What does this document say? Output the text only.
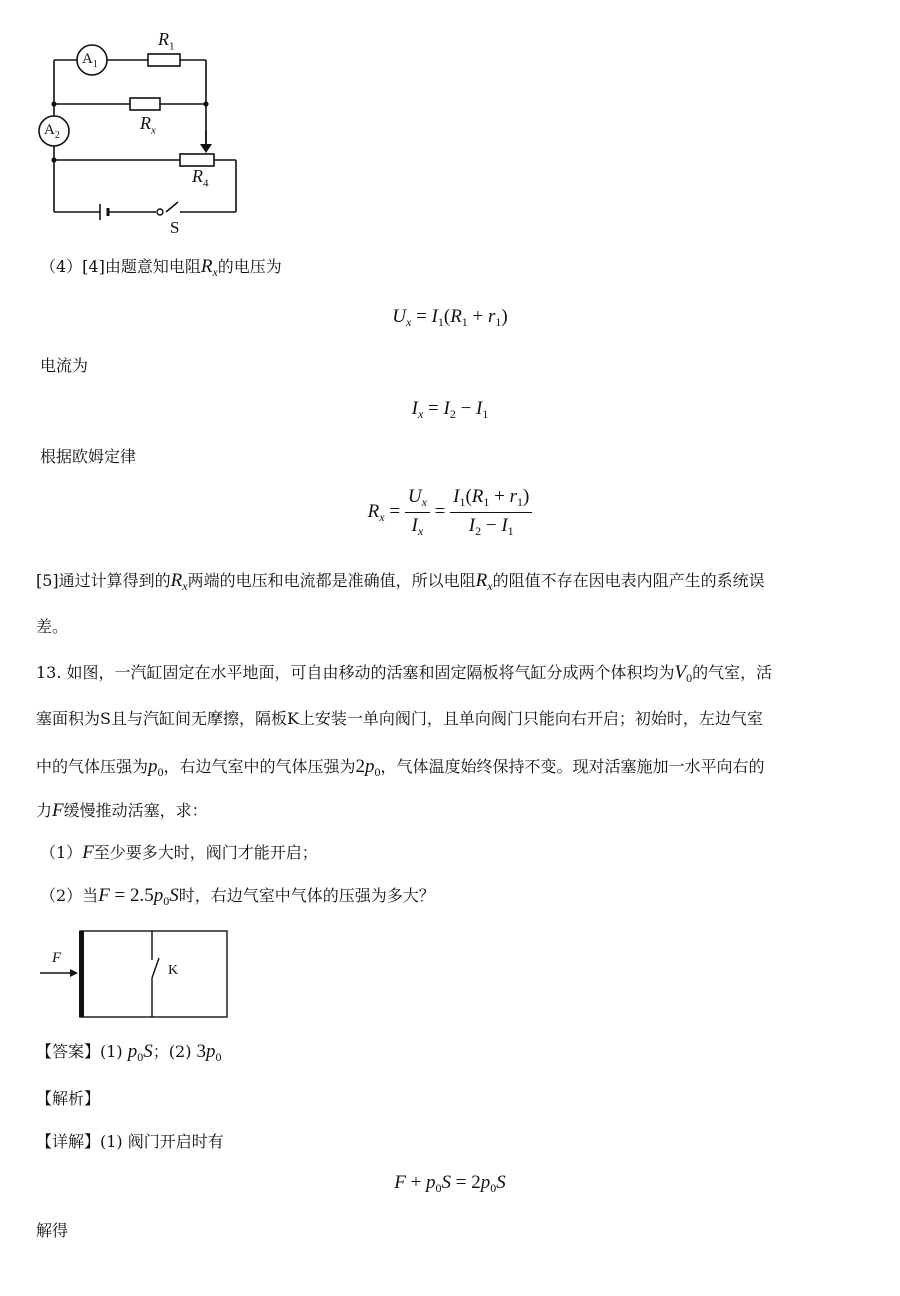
$A_1$
$A_2$
$R_1$
$R_x$
$R_4$
S
（4）[4]由题意知电阻$R_x$的电压为
$U_x = I_1(R_1 + r_1)$
电流为
$I_x = I_2 - I_1$
根据欧姆定律
$R_x = \frac{U_x}{I_x} = \frac{I_1(R_1 + r_1)}{I_2 - I_1}$
[5]通过计算得到的$R_x$两端的电压和电流都是准确值，所以电阻$R_x$的阻值不存在因电表内阻产生的系统误
差。
13. 如图，一汽缸固定在水平地面，可自由移动的活塞和固定隔板将气缸分成两个体积均为$V_0$的气室，活
塞面积为S且与汽缸间无摩擦，隔板K上安装一单向阀门，且单向阀门只能向右开启；初始时，左边气室
中的气体压强为$p_0$，右边气室中的气体压强为$2p_0$，气体温度始终保持不变。现对活塞施加一水平向右的
力F缓慢推动活塞，求：
（1）F至少要多大时，阀门才能开启；
（2）当$F = 2.5p_0S$时，右边气室中气体的压强为多大？
F
K
【答案】(1) $p_0S$；(2) $3p_0$
【解析】
【详解】(1) 阀门开启时有
$F + p_0S = 2p_0S$
解得
